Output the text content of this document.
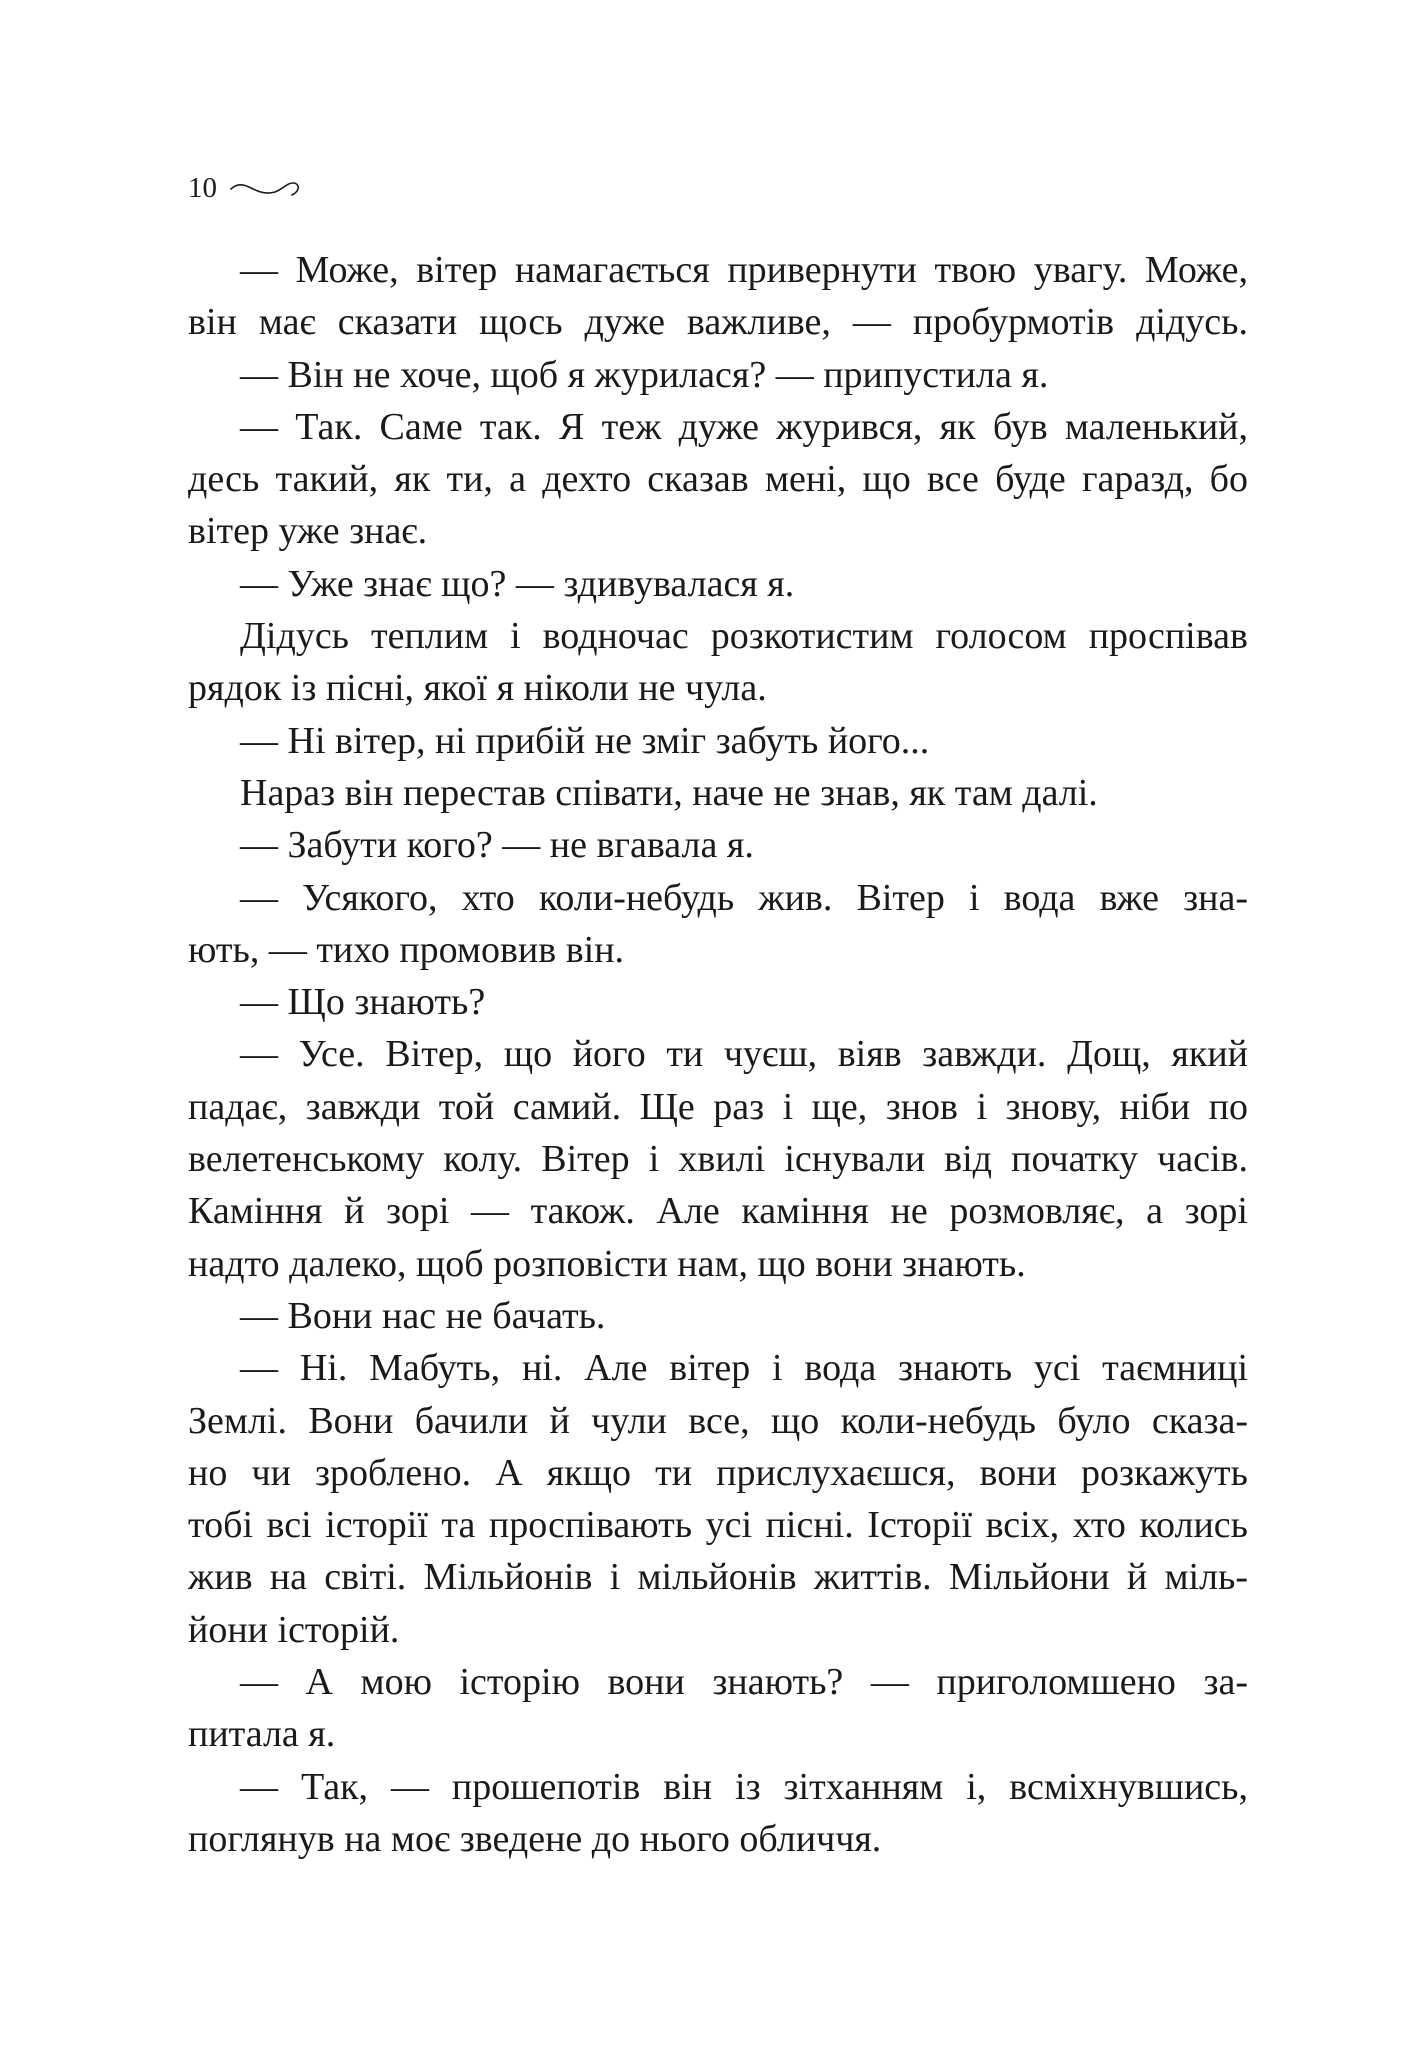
10
— Може, вітер намагається привернути твою увагу. Може,
він має сказати щось дуже важливе, — пробурмотів дідусь.
— Він не хоче, щоб я журилася? — припустила я.
— Так. Саме так. Я теж дуже журився, як був маленький,
десь такий, як ти, а дехто сказав мені, що все буде гаразд, бо
вітер уже знає.
— Уже знає що? — здивувалася я.
Дідусь теплим і водночас розкотистим голосом проспівав
рядок із пісні, якої я ніколи не чула.
— Ні вітер, ні прибій не зміг забуть його...
Нараз він перестав співати, наче не знав, як там далі.
— Забути кого? — не вгавала я.
— Усякого, хто коли-небудь жив. Вітер і вода вже зна-
ють, — тихо промовив він.
— Що знають?
— Усе. Вітер, що його ти чуєш, віяв завжди. Дощ, який
падає, завжди той самий. Ще раз і ще, знов і знову, ніби по
велетенському колу. Вітер і хвилі існували від початку часів.
Каміння й зорі — також. Але каміння не розмовляє, а зорі
надто далеко, щоб розповісти нам, що вони знають.
— Вони нас не бачать.
— Ні. Мабуть, ні. Але вітер і вода знають усі таємниці
Землі. Вони бачили й чули все, що коли-небудь було сказа-
но чи зроблено. А якщо ти прислухаєшся, вони розкажуть
тобі всі історії та проспівають усі пісні. Історії всіх, хто колись
жив на світі. Мільйонів і мільйонів життів. Мільйони й міль-
йони історій.
— А мою історію вони знають? — приголомшено за-
питала я.
— Так, — прошепотів він із зітханням і, всміхнувшись,
поглянув на моє зведене до нього обличчя.
